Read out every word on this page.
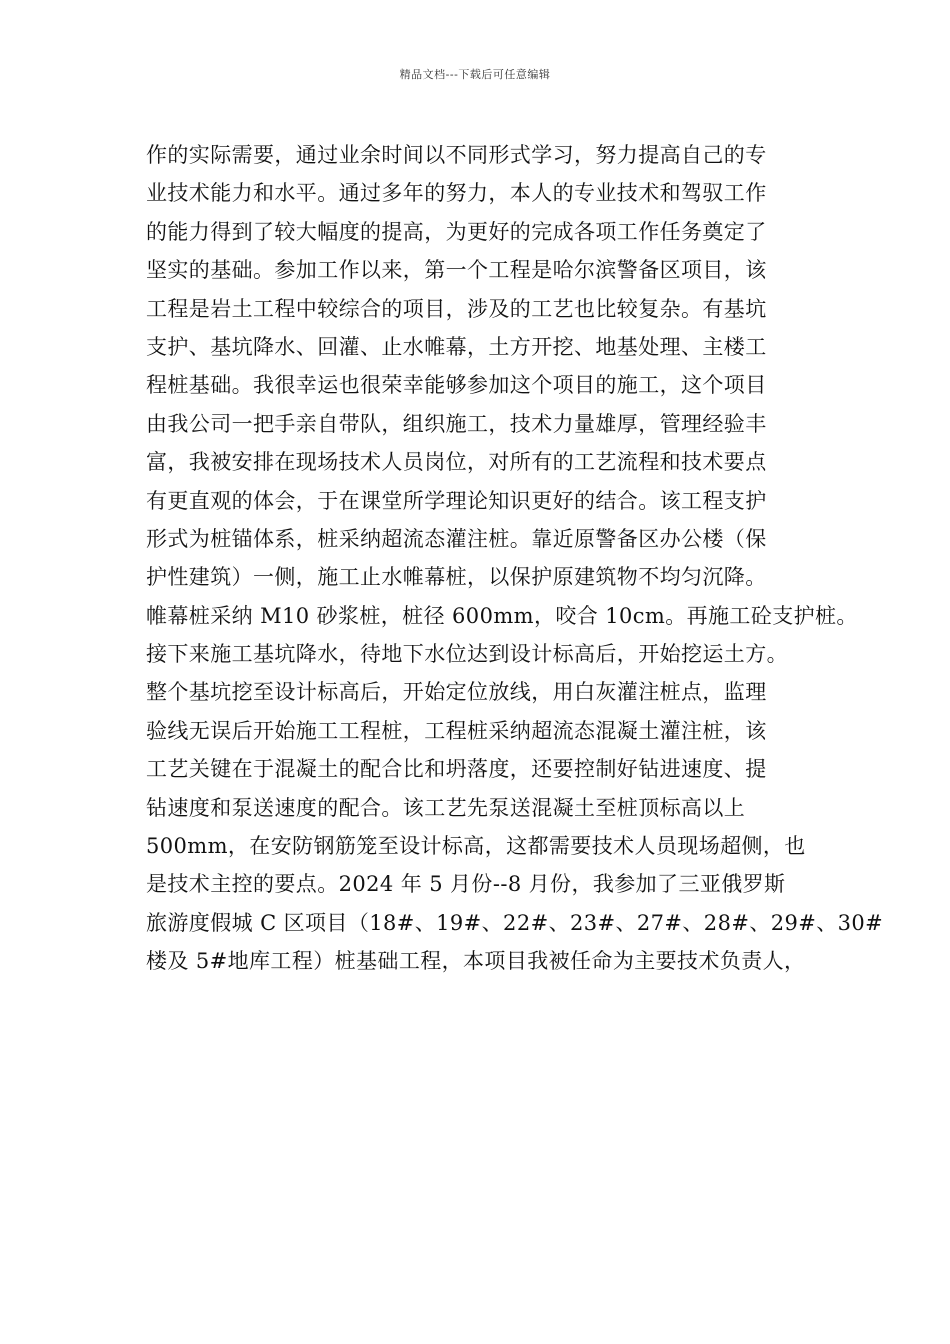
精品文档---下载后可任意编辑
作的实际需要，通过业余时间以不同形式学习，努力提高自己的专
业技术能力和水平。通过多年的努力，本人的专业技术和驾驭工作
的能力得到了较大幅度的提高，为更好的完成各项工作任务奠定了
坚实的基础。参加工作以来，第一个工程是哈尔滨警备区项目，该
工程是岩土工程中较综合的项目，涉及的工艺也比较复杂。有基坑
支护、基坑降水、回灌、止水帷幕，土方开挖、地基处理、主楼工
程桩基础。我很幸运也很荣幸能够参加这个项目的施工，这个项目
由我公司一把手亲自带队，组织施工，技术力量雄厚，管理经验丰
富，我被安排在现场技术人员岗位，对所有的工艺流程和技术要点
有更直观的体会，于在课堂所学理论知识更好的结合。该工程支护
形式为桩锚体系，桩采纳超流态灌注桩。靠近原警备区办公楼（保
护性建筑）一侧，施工止水帷幕桩，以保护原建筑物不均匀沉降。
帷幕桩采纳 M10 砂浆桩，桩径 600mm，咬合 10cm。再施工砼支护桩。
接下来施工基坑降水，待地下水位达到设计标高后，开始挖运土方。
整个基坑挖至设计标高后，开始定位放线，用白灰灌注桩点，监理
验线无误后开始施工工程桩，工程桩采纳超流态混凝土灌注桩，该
工艺关键在于混凝土的配合比和坍落度，还要控制好钻进速度、提
钻速度和泵送速度的配合。该工艺先泵送混凝土至桩顶标高以上
500mm，在安防钢筋笼至设计标高，这都需要技术人员现场超侧，也
是技术主控的要点。2024 年 5 月份--8 月份，我参加了三亚俄罗斯
旅游度假城 C 区项目（18#、19#、22#、23#、27#、28#、29#、30#
楼及 5#地库工程）桩基础工程，本项目我被任命为主要技术负责人，
